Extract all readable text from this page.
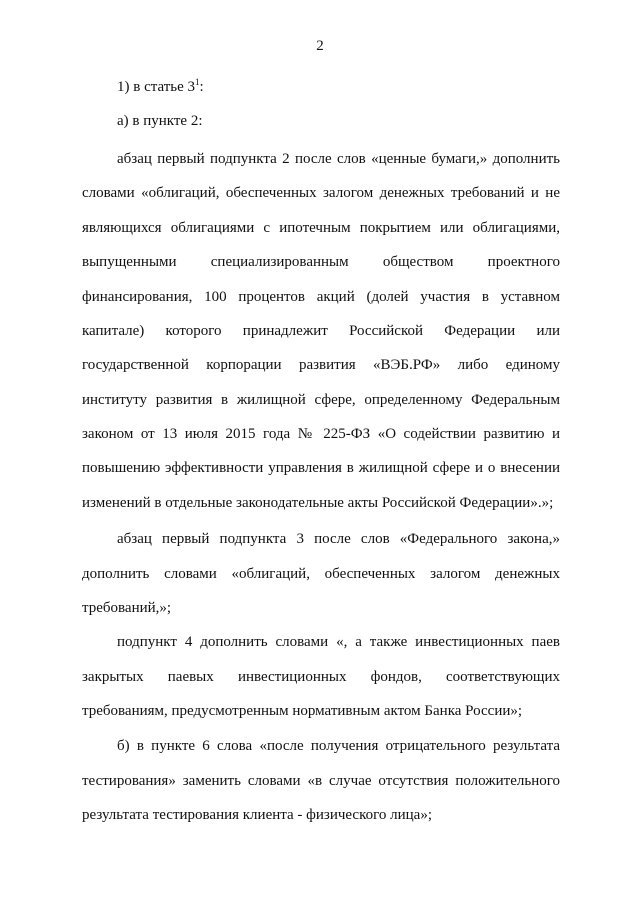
2
1) в статье $3^1$:
а) в пункте 2:
абзац первый подпункта 2 после слов «ценные бумаги,» дополнить
словами «облигаций, обеспеченных залогом денежных требований и не
являющихся облигациями с ипотечным покрытием или облигациями,
выпущенными специализированным обществом проектного
финансирования, 100 процентов акций (долей участия в уставном
капитале) которого принадлежит Российской Федерации или
государственной корпорации развития «ВЭБ.РФ» либо единому
институту развития в жилищной сфере, определенному Федеральным
законом от 13 июля 2015 года № 225-ФЗ «О содействии развитию и
повышению эффективности управления в жилищной сфере и о внесении
изменений в отдельные законодательные акты Российской Федерации».»;
абзац первый подпункта 3 после слов «Федерального закона,»
дополнить словами «облигаций, обеспеченных залогом денежных
требований,»;
подпункт 4 дополнить словами «, а также инвестиционных паев
закрытых паевых инвестиционных фондов, соответствующих
требованиям, предусмотренным нормативным актом Банка России»;
б) в пункте 6 слова «после получения отрицательного результата
тестирования» заменить словами «в случае отсутствия положительного
результата тестирования клиента - физического лица»;
